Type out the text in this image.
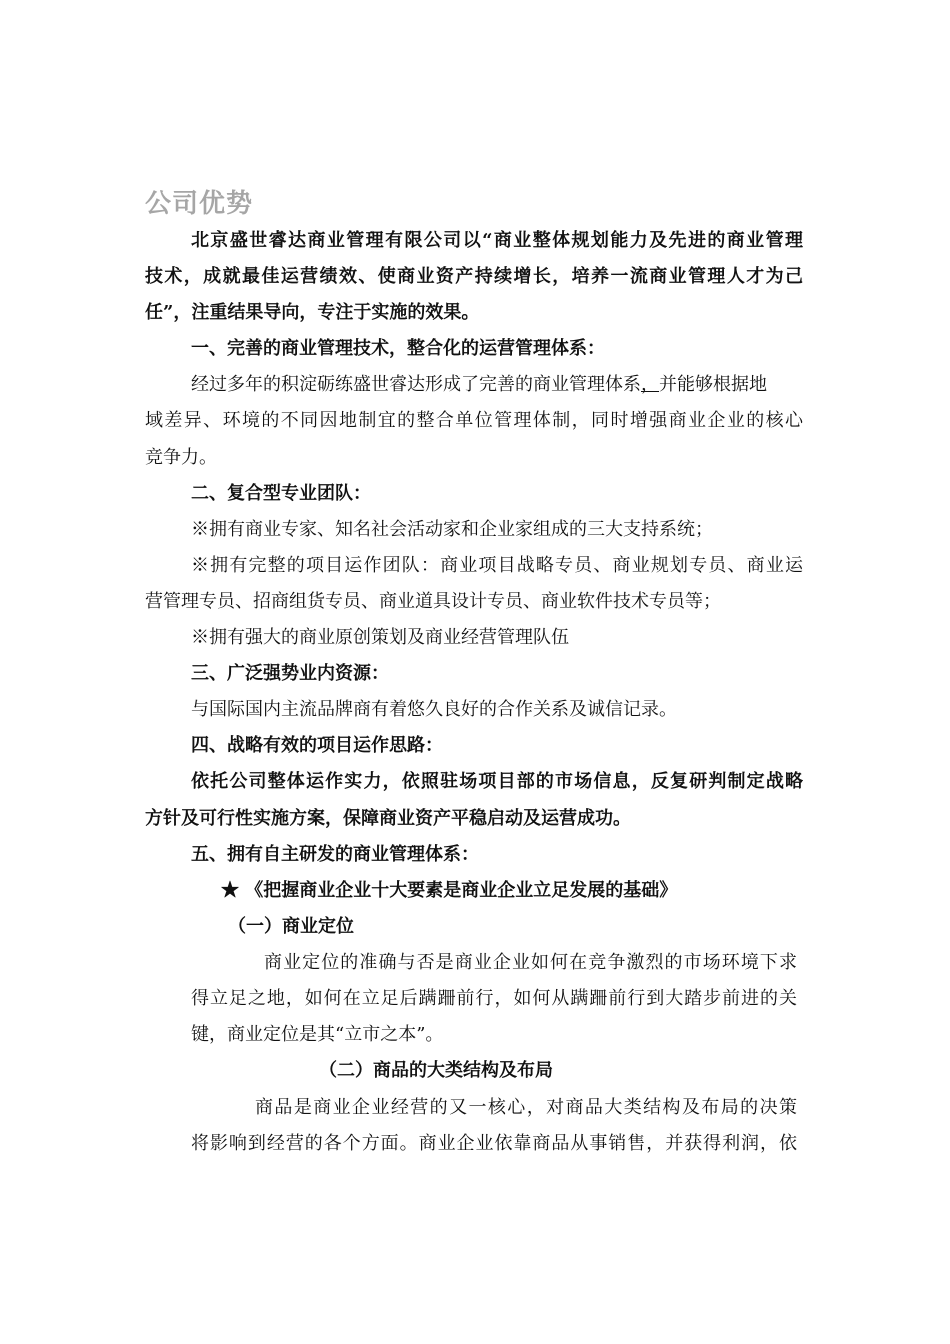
公司优势
北京盛世睿达商业管理有限公司以“商业整体规划能力及先进的商业管理
技术，成就最佳运营绩效、使商业资产持续增长，培养一流商业管理人才为己
任”，注重结果导向，专注于实施的效果。
一、完善的商业管理技术，整合化的运营管理体系：
经过多年的积淀砺练盛世睿达形成了完善的商业管理体系，并能够根据地
域差异、环境的不同因地制宜的整合单位管理体制，同时增强商业企业的核心
竞争力。
二、复合型专业团队：
※拥有商业专家、知名社会活动家和企业家组成的三大支持系统；
※拥有完整的项目运作团队：商业项目战略专员、商业规划专员、商业运
营管理专员、招商组货专员、商业道具设计专员、商业软件技术专员等；
※拥有强大的商业原创策划及商业经营管理队伍
三、广泛强势业内资源：
与国际国内主流品牌商有着悠久良好的合作关系及诚信记录。
四、战略有效的项目运作思路：
依托公司整体运作实力，依照驻场项目部的市场信息，反复研判制定战略
方针及可行性实施方案，保障商业资产平稳启动及运营成功。
五、拥有自主研发的商业管理体系：
★ 《把握商业企业十大要素是商业企业立足发展的基础》
（一）商业定位
商业定位的准确与否是商业企业如何在竞争激烈的市场环境下求
得立足之地，如何在立足后蹒跚前行，如何从蹒跚前行到大踏步前进的关
键，商业定位是其“立市之本”。
（二）商品的大类结构及布局
商品是商业企业经营的又一核心，对商品大类结构及布局的决策
将影响到经营的各个方面。商业企业依靠商品从事销售，并获得利润，依
